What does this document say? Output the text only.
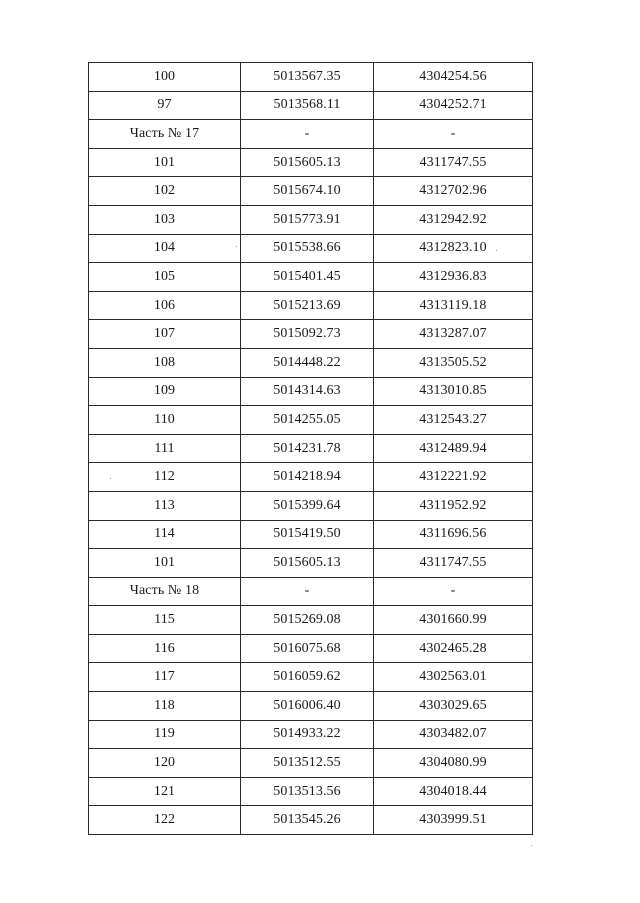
100	5013567.35	4304254.56
97	5013568.11	4304252.71
Часть № 17	-	-
101	5015605.13	4311747.55
102	5015674.10	4312702.96
103	5015773.91	4312942.92
104	5015538.66	4312823.10
105	5015401.45	4312936.83
106	5015213.69	4313119.18
107	5015092.73	4313287.07
108	5014448.22	4313505.52
109	5014314.63	4313010.85
110	5014255.05	4312543.27
111	5014231.78	4312489.94
112	5014218.94	4312221.92
113	5015399.64	4311952.92
114	5015419.50	4311696.56
101	5015605.13	4311747.55
Часть № 18	-	-
115	5015269.08	4301660.99
116	5016075.68	4302465.28
117	5016059.62	4302563.01
118	5016006.40	4303029.65
119	5014933.22	4303482.07
120	5013512.55	4304080.99
121	5013513.56	4304018.44
122	5013545.26	4303999.51
